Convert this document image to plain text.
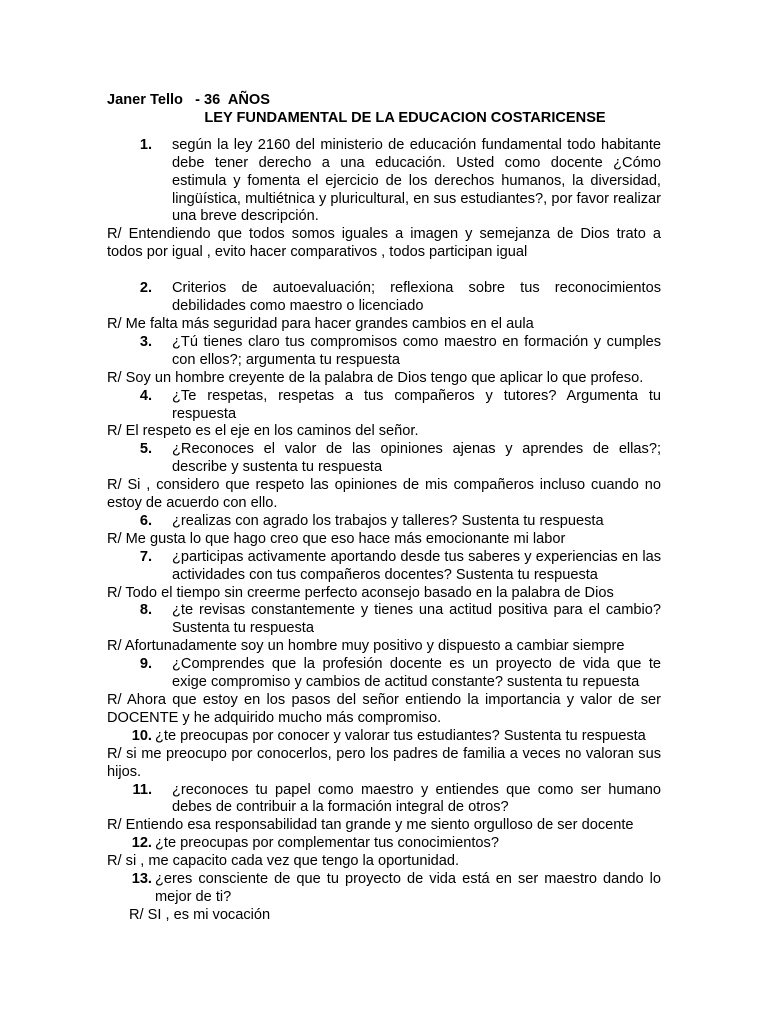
Janer Tello   - 36  AÑOS
LEY FUNDAMENTAL DE LA EDUCACION COSTARICENSE
1. según la ley 2160 del ministerio de educación fundamental todo habitante debe tener derecho a una educación. Usted como docente ¿Cómo estimula y fomenta el ejercicio de los derechos humanos, la diversidad, lingüística, multiétnica y pluricultural, en sus estudiantes?, por favor realizar una breve descripción.
R/ Entendiendo que todos somos iguales a imagen y semejanza de Dios trato a todos por igual , evito hacer comparativos , todos participan igual
2. Criterios de autoevaluación; reflexiona sobre tus reconocimientos debilidades como maestro o licenciado
R/ Me falta más seguridad para hacer grandes cambios en el aula
3. ¿Tú tienes claro tus compromisos como maestro en formación y cumples con ellos?; argumenta tu respuesta
R/ Soy un hombre creyente de la palabra de Dios tengo que aplicar lo que profeso.
4. ¿Te respetas, respetas a tus compañeros y tutores? Argumenta tu respuesta
R/ El respeto es el eje en los caminos del señor.
5. ¿Reconoces el valor de las opiniones ajenas y aprendes de ellas?; describe y sustenta tu respuesta
R/ Si , considero que respeto las opiniones de mis compañeros incluso cuando no estoy de acuerdo con ello.
6. ¿realizas con agrado los trabajos y talleres? Sustenta tu respuesta
R/ Me gusta lo que hago creo que eso hace más emocionante mi labor
7. ¿participas activamente aportando desde tus saberes y experiencias en las actividades con tus compañeros docentes? Sustenta tu respuesta
R/ Todo el tiempo sin creerme perfecto aconsejo basado en la palabra de Dios
8. ¿te revisas constantemente y tienes una actitud positiva para el cambio? Sustenta tu respuesta
R/ Afortunadamente soy un hombre muy positivo y dispuesto a cambiar siempre
9. ¿Comprendes que la profesión docente es un proyecto de vida que te exige compromiso y cambios de actitud constante? sustenta tu repuesta
R/ Ahora que estoy en los pasos del señor entiendo la importancia y valor de ser DOCENTE y he adquirido mucho más compromiso.
10. ¿te preocupas por conocer y valorar tus estudiantes? Sustenta tu respuesta
R/ si me preocupo por conocerlos, pero los padres de familia a veces no valoran sus hijos.
11. ¿reconoces tu papel como maestro y entiendes que como ser humano debes de contribuir a la formación integral de otros?
R/ Entiendo esa responsabilidad tan grande y me siento orgulloso de ser docente
12. ¿te preocupas por complementar tus conocimientos?
R/ si , me capacito cada vez que tengo la oportunidad.
13. ¿eres consciente de que tu proyecto de vida está en ser maestro dando lo mejor de ti?
R/ SI , es mi vocación
